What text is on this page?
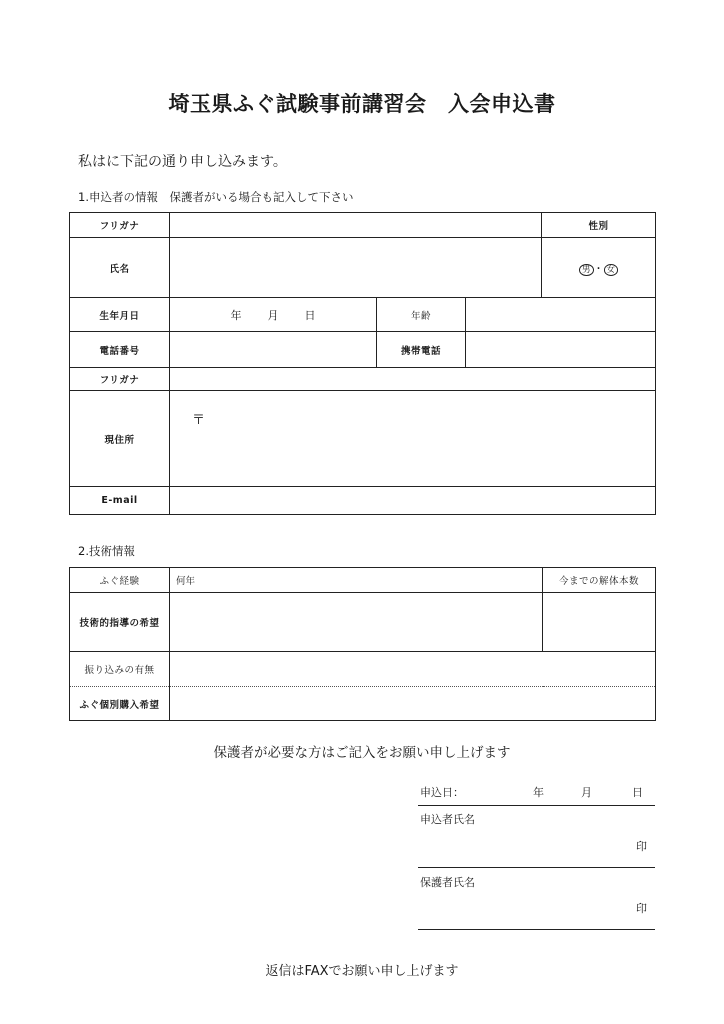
埼玉県ふぐ試験事前講習会　入会申込書
私はに下記の通り申し込みます。
1.申込者の情報　保護者がいる場合も記入して下さい
フリガナ				性別
氏名				男 ・ 女
生年月日	年 月 日	年齢		
電話番号		携帯電話		
フリガナ				
現住所	〒			

E-mail				
2.技術情報
ふぐ経験	何年	今までの解体本数
技術的指導の希望		
振り込みの有無		
ふぐ個別購入希望		
保護者が必要な方はご記入をお願い申し上げます
申込日：	年	月	日
申込者氏名
印
保護者氏名
印
返信はFAXでお願い申し上げます
